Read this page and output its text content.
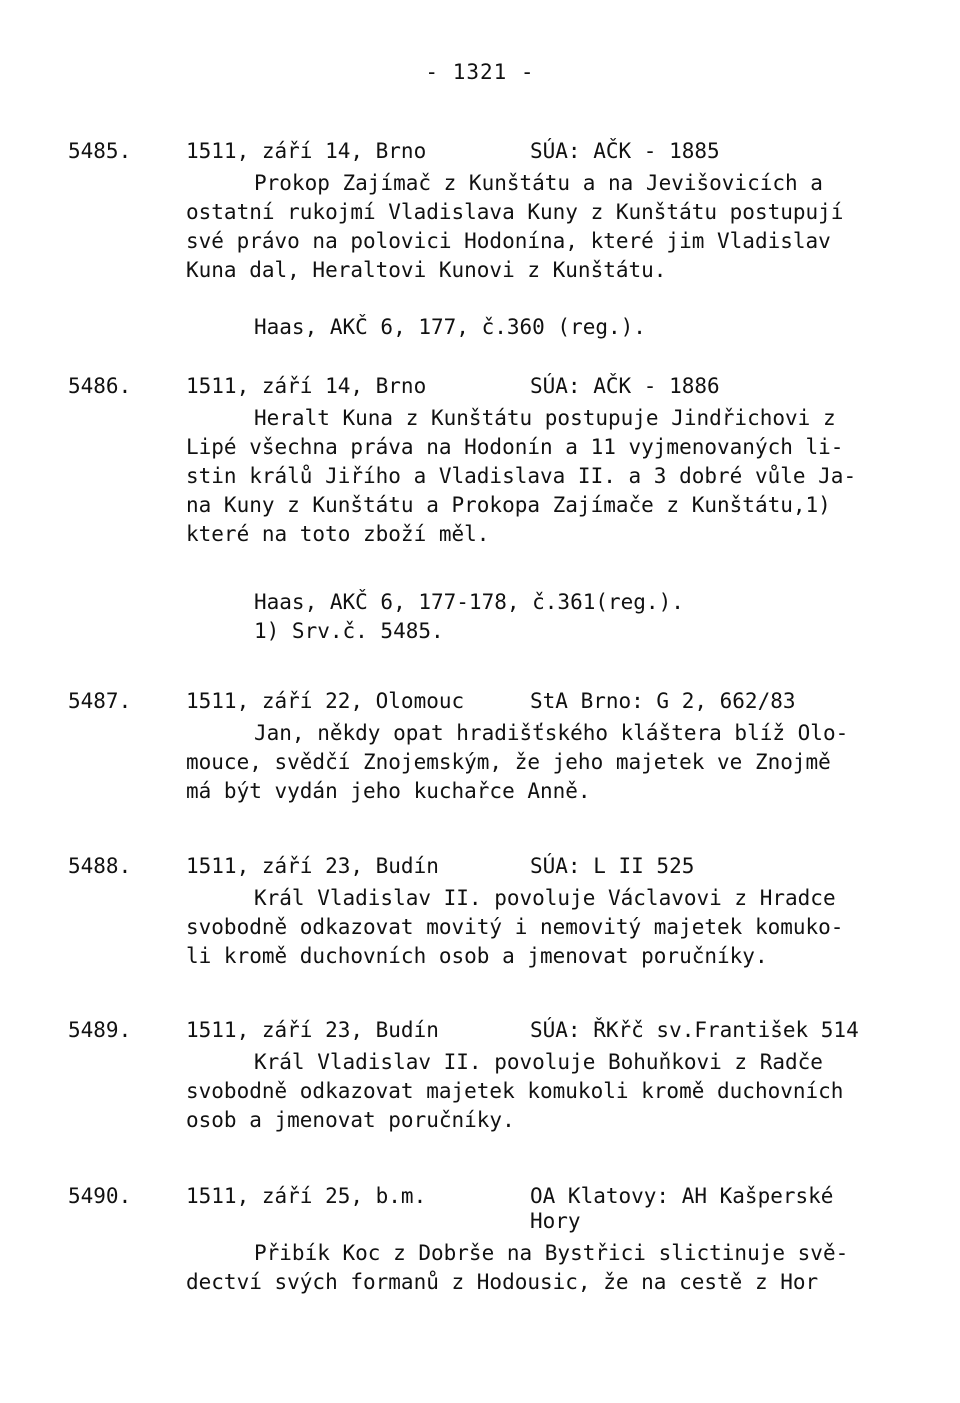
- 1321 -
5485.	1511, září 14, Brno	SÚA: AČK - 1885
Prokop Zajímač z Kunštátu a na Jevišovicích a
ostatní rukojmí Vladislava Kuny z Kunštátu postupují
své právo na polovici Hodonína, které jim Vladislav
Kuna dal, Heraltovi Kunovi z Kunštátu.
Haas, AKČ 6, 177, č.360 (reg.).
5486.	1511, září 14, Brno	SÚA: AČK - 1886
Heralt Kuna z Kunštátu postupuje Jindřichovi z
Lipé všechna práva na Hodonín a 11 vyjmenovaných li-
stin králů Jiřího a Vladislava II. a 3 dobré vůle Ja-
na Kuny z Kunštátu a Prokopa Zajímače z Kunštátu,1)
které na toto zboží měl.
Haas, AKČ 6, 177-178, č.361(reg.).
1) Srv.č. 5485.
5487.	1511, září 22, Olomouc	StA Brno: G 2, 662/83
Jan, někdy opat hradišťského kláštera blíž Olo-
mouce, svědčí Znojemským, že jeho majetek ve Znojmě
má být vydán jeho kuchařce Anně.
5488.	1511, září 23, Budín	SÚA: L II 525
Král Vladislav II. povoluje Václavovi z Hradce
svobodně odkazovat movitý i nemovitý majetek komuko-
li kromě duchovních osob a jmenovat poručníky.
5489.	1511, září 23, Budín	SÚA: ŘKřč sv.František 514
Král Vladislav II. povoluje Bohuňkovi z Radče
svobodně odkazovat majetek komukoli kromě duchovních
osob a jmenovat poručníky.
5490.	1511, září 25, b.m.	OA Klatovy: AH Kašperské
Hory
Přibík Koc z Dobrše na Bystřici slictinuje svě-
dectví svých formanů z Hodousic, že na cestě z Hor
